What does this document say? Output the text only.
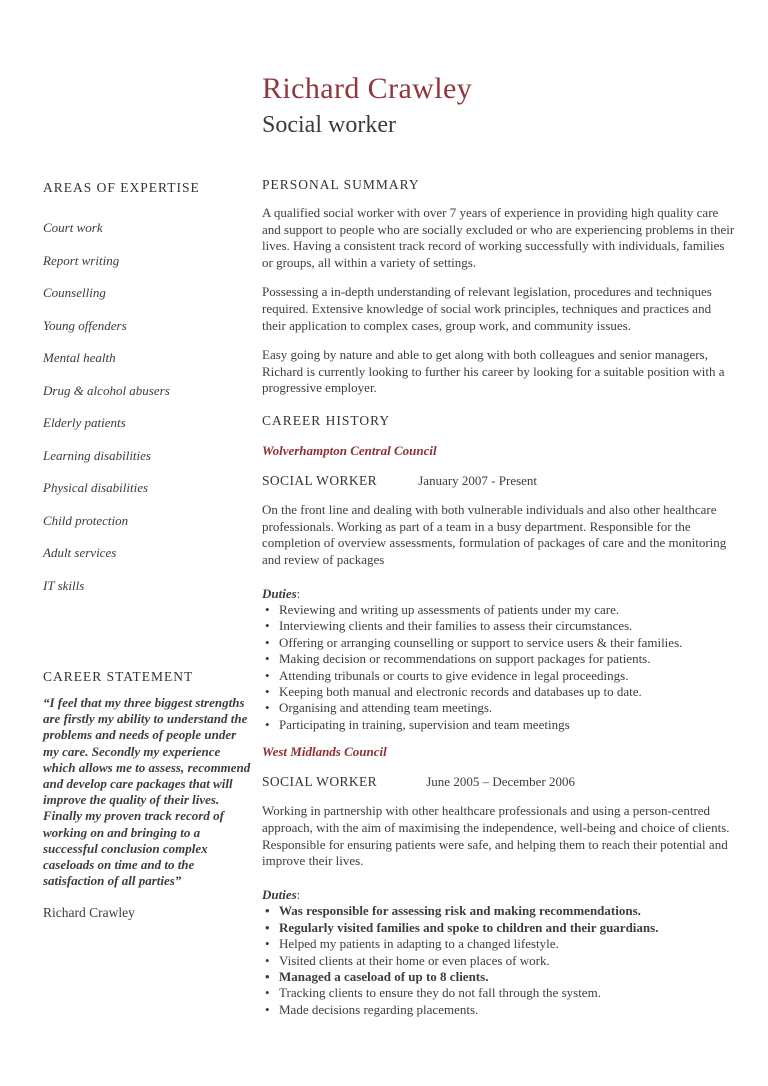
Richard Crawley
Social worker
AREAS OF EXPERTISE
Court work
Report writing
Counselling
Young offenders
Mental health
Drug & alcohol abusers
Elderly patients
Learning disabilities
Physical disabilities
Child protection
Adult services
IT skills
CAREER STATEMENT

“I feel that my three biggest strengths are firstly my ability to understand the problems and needs of people under my care. Secondly my experience which allows me to assess, recommend and develop care packages that will improve the quality of their lives. Finally my proven track record of working on and bringing to a successful conclusion complex caseloads on time and to the satisfaction of all parties”

Richard Crawley

PERSONAL SUMMARY

A qualified social worker with over 7 years of experience in providing high quality care and support to people who are socially excluded or who are experiencing problems in their lives. Having a consistent track record of working successfully with individuals, families or groups, all within a variety of settings.

Possessing a in-depth understanding of relevant legislation, procedures and techniques required. Extensive knowledge of social work principles, techniques and practices and their application to complex cases, group work, and community issues.

Easy going by nature and able to get along with both colleagues and senior managers, Richard is currently looking to further his career by looking for a suitable position with a progressive employer.

CAREER HISTORY

Wolverhampton Central Council

SOCIAL WORKER	January 2007 - Present

On the front line and dealing with both vulnerable individuals and also other healthcare professionals. Working as part of a team in a busy department. Responsible for the completion of overview assessments, formulation of packages of care and the monitoring and review of packages

Duties:
• Reviewing and writing up assessments of patients under my care.
• Interviewing clients and their families to assess their circumstances.
• Offering or arranging counselling or support to service users & their families.
• Making decision or recommendations on support packages for patients.
• Attending tribunals or courts to give evidence in legal proceedings.
• Keeping both manual and electronic records and databases up to date.
• Organising and attending team meetings.
• Participating in training, supervision and team meetings

West Midlands Council

SOCIAL WORKER	June 2005 – December 2006

Working in partnership with other healthcare professionals and using a person-centred approach, with the aim of maximising the independence, well-being and choice of clients. Responsible for ensuring patients were safe, and helping them to reach their potential and improve their lives.

Duties:
• Was responsible for assessing risk and making recommendations.
• Regularly visited families and spoke to children and their guardians.
• Helped my patients in adapting to a changed lifestyle.
• Visited clients at their home or even places of work.
• Managed a caseload of up to 8 clients.
• Tracking clients to ensure they do not fall through the system.
• Made decisions regarding placements.
